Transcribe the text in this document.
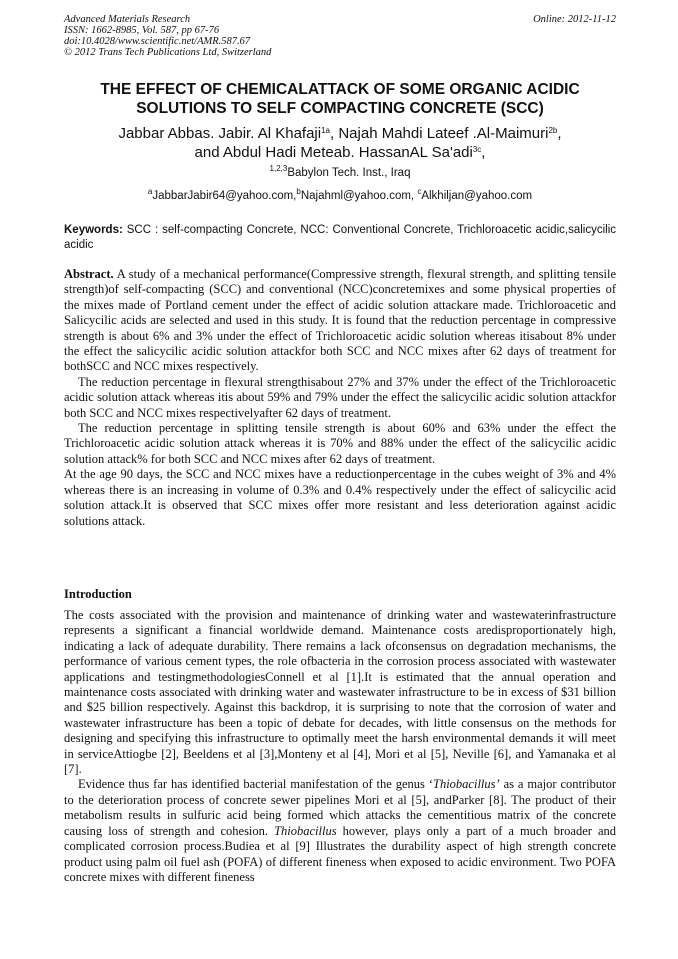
Advanced Materials Research
ISSN: 1662-8985, Vol. 587, pp 67-76
doi:10.4028/www.scientific.net/AMR.587.67
© 2012 Trans Tech Publications Ltd, Switzerland
Online: 2012-11-12
THE EFFECT OF CHEMICALATTACK OF SOME ORGANIC ACIDIC
SOLUTIONS TO SELF COMPACTING CONCRETE (SCC)
Jabbar Abbas. Jabir. Al Khafaji$^{1a}$, Najah Mahdi Lateef .Al-Maimuri$^{2b}$,
and Abdul Hadi Meteab. HassanAL Sa'adi$^{3c}$,
$^{1,2,3}$Babylon Tech. Inst., Iraq
$^a$JabbarJabir64@yahoo.com,$^b$Najahml@yahoo.com, $^c$Alkhiljan@yahoo.com
Keywords: SCC : self-compacting Concrete, NCC: Conventional Concrete, Trichloroacetic acidic,salicycilic acidic

Abstract. A study of a mechanical performance(Compressive strength, flexural strength, and splitting tensile strength)of self-compacting (SCC) and conventional (NCC)concretemixes and some physical properties of the mixes made of Portland cement under the effect of acidic solution attackare made. Trichloroacetic and Salicycilic acids are selected and used in this study. It is found that the reduction percentage in compressive strength is about 6% and 3% under the effect of Trichloroacetic acidic solution whereas itisabout 8% under the effect the salicycilic acidic solution attackfor both SCC and NCC mixes after 62 days of treatment for bothSCC and NCC mixes respectively.

The reduction percentage in flexural strengthisabout 27% and 37% under the effect of the Trichloroacetic acidic solution attack whereas itis about 59% and 79% under the effect the salicycilic acidic solution attackfor both SCC and NCC mixes respectivelyafter 62 days of treatment.

The reduction percentage in splitting tensile strength is about 60% and 63% under the effect the Trichloroacetic acidic solution attack whereas it is 70% and 88% under the effect of the salicycilic acidic solution attack% for both SCC and NCC mixes after 62 days of treatment.

At the age 90 days, the SCC and NCC mixes have a reductionpercentage in the cubes weight of 3% and 4% whereas there is an increasing in volume of 0.3% and 0.4% respectively under the effect of salicycilic acid solution attack.It is observed that SCC mixes offer more resistant and less deterioration against acidic solutions attack.

Introduction

The costs associated with the provision and maintenance of drinking water and wastewaterinfrastructure represents a significant a financial worldwide demand. Maintenance costs aredisproportionately high, indicating a lack of adequate durability. There remains a lack ofconsensus on degradation mechanisms, the performance of various cement types, the role ofbacteria in the corrosion process associated with wastewater applications and testingmethodologiesConnell et al [1].It is estimated that the annual operation and maintenance costs associated with drinking water and wastewater infrastructure to be in excess of $31 billion and $25 billion respectively. Against this backdrop, it is surprising to note that the corrosion of water and wastewater infrastructure has been a topic of debate for decades, with little consensus on the methods for designing and specifying this infrastructure to optimally meet the harsh environmental demands it will meet in serviceAttiogbe [2], Beeldens et al [3],Monteny et al [4], Mori et al [5], Neville [6], and Yamanaka et al [7].

Evidence thus far has identified bacterial manifestation of the genus ‘Thiobacillus’ as a major contributor to the deterioration process of concrete sewer pipelines Mori et al [5], andParker [8]. The product of their metabolism results in sulfuric acid being formed which attacks the cementitious matrix of the concrete causing loss of strength and cohesion. Thiobacillus however, plays only a part of a much broader and complicated corrosion process.Budiea et al [9] Illustrates the durability aspect of high strength concrete product using palm oil fuel ash (POFA) of different fineness when exposed to acidic environment. Two POFA concrete mixes with different fineness
